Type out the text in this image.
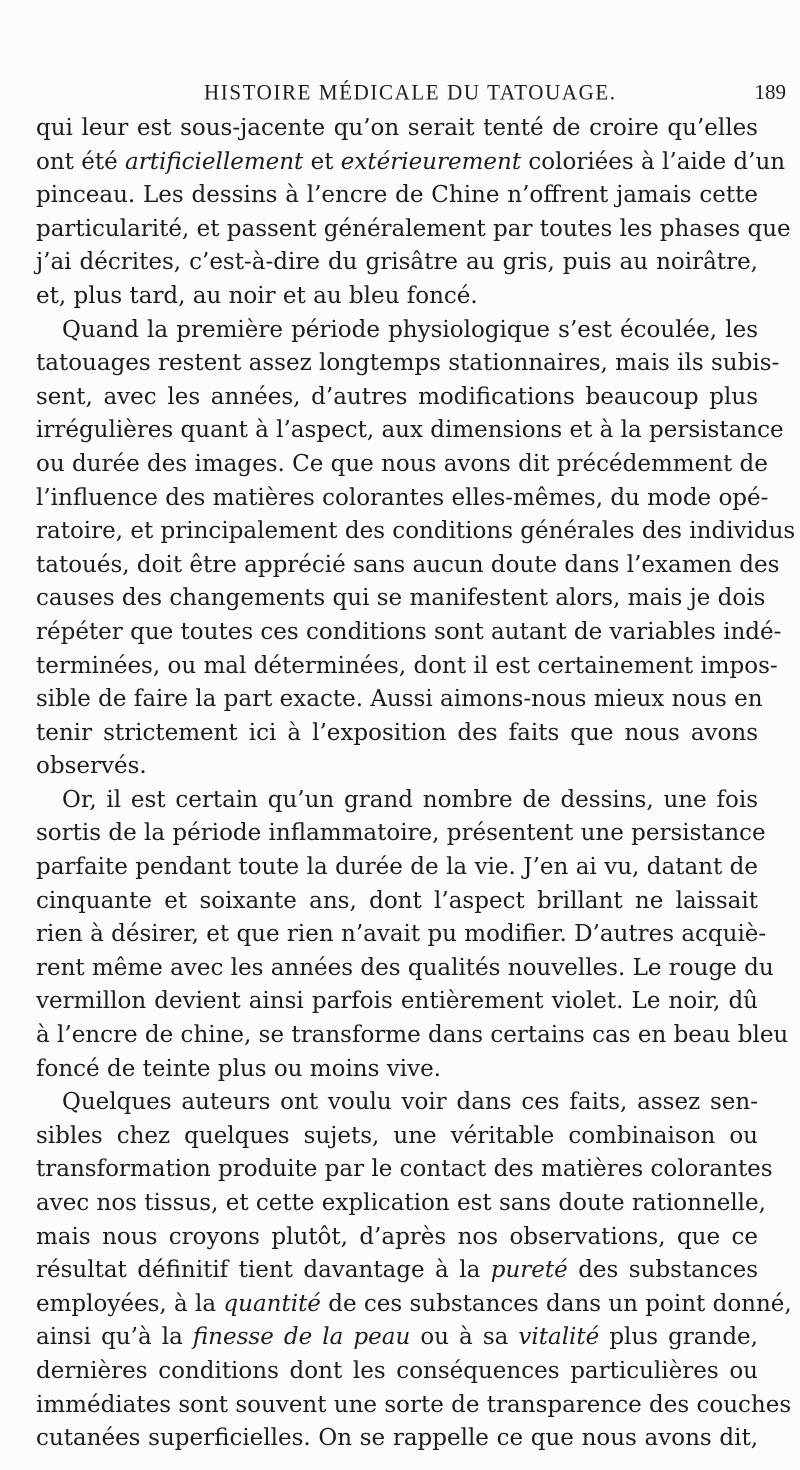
HISTOIRE MÉDICALE DU TATOUAGE.	189
qui leur est sous-jacente qu’on serait tenté de croire qu’elles
ont été artificiellement et extérieurement coloriées à l’aide d’un
pinceau. Les dessins à l’encre de Chine n’offrent jamais cette
particularité, et passent généralement par toutes les phases que
j’ai décrites, c’est-à-dire du grisâtre au gris, puis au noirâtre,
et, plus tard, au noir et au bleu foncé.
Quand la première période physiologique s’est écoulée, les
tatouages restent assez longtemps stationnaires, mais ils subis-
sent, avec les années, d’autres modifications beaucoup plus
irrégulières quant à l’aspect, aux dimensions et à la persistance
ou durée des images. Ce que nous avons dit précédemment de
l’influence des matières colorantes elles-mêmes, du mode opé-
ratoire, et principalement des conditions générales des individus
tatoués, doit être apprécié sans aucun doute dans l’examen des
causes des changements qui se manifestent alors, mais je dois
répéter que toutes ces conditions sont autant de variables indé-
terminées, ou mal déterminées, dont il est certainement impos-
sible de faire la part exacte. Aussi aimons-nous mieux nous en
tenir strictement ici à l’exposition des faits que nous avons
observés.
Or, il est certain qu’un grand nombre de dessins, une fois
sortis de la période inflammatoire, présentent une persistance
parfaite pendant toute la durée de la vie. J’en ai vu, datant de
cinquante et soixante ans, dont l’aspect brillant ne laissait
rien à désirer, et que rien n’avait pu modifier. D’autres acquiè-
rent même avec les années des qualités nouvelles. Le rouge du
vermillon devient ainsi parfois entièrement violet. Le noir, dû
à l’encre de chine, se transforme dans certains cas en beau bleu
foncé de teinte plus ou moins vive.
Quelques auteurs ont voulu voir dans ces faits, assez sen-
sibles chez quelques sujets, une véritable combinaison ou
transformation produite par le contact des matières colorantes
avec nos tissus, et cette explication est sans doute rationnelle,
mais nous croyons plutôt, d’après nos observations, que ce
résultat définitif tient davantage à la pureté des substances
employées, à la quantité de ces substances dans un point donné,
ainsi qu’à la finesse de la peau ou à sa vitalité plus grande,
dernières conditions dont les conséquences particulières ou
immédiates sont souvent une sorte de transparence des couches
cutanées superficielles. On se rappelle ce que nous avons dit,
